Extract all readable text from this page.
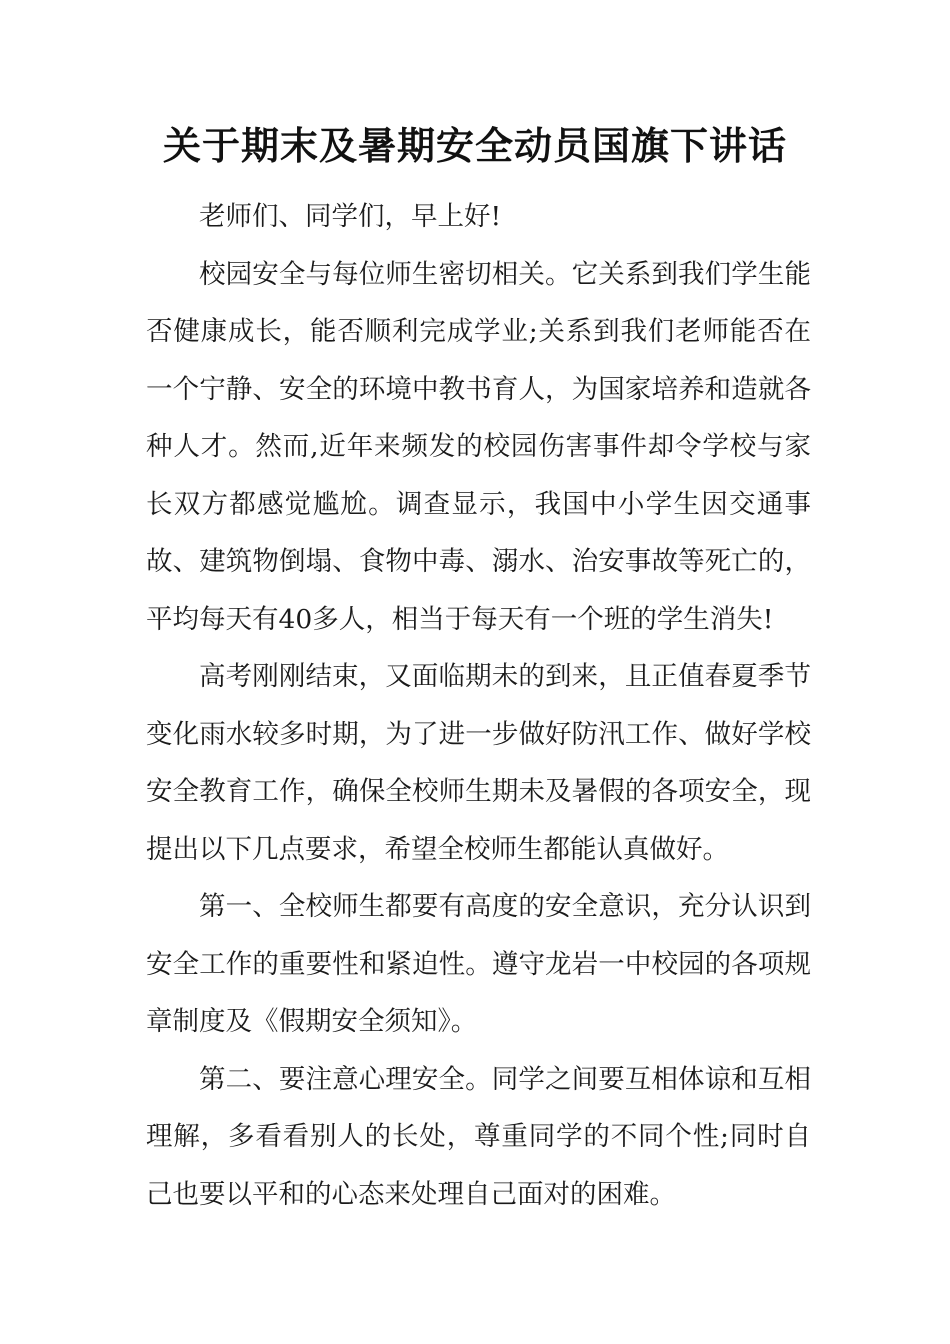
关于期末及暑期安全动员国旗下讲话

老师们、同学们，早上好!

校园安全与每位师生密切相关。它关系到我们学生能否健康成长，能否顺利完成学业;关系到我们老师能否在一个宁静、安全的环境中教书育人，为国家培养和造就各种人才。然而,近年来频发的校园伤害事件却令学校与家长双方都感觉尴尬。调查显示，我国中小学生因交通事故、建筑物倒塌、食物中毒、溺水、治安事故等死亡的，平均每天有40多人，相当于每天有一个班的学生消失!

高考刚刚结束，又面临期未的到来，且正值春夏季节变化雨水较多时期，为了进一步做好防汛工作、做好学校安全教育工作，确保全校师生期未及暑假的各项安全，现提出以下几点要求，希望全校师生都能认真做好。

第一、全校师生都要有高度的安全意识，充分认识到安全工作的重要性和紧迫性。遵守龙岩一中校园的各项规章制度及《假期安全须知》。

第二、要注意心理安全。同学之间要互相体谅和互相理解，多看看别人的长处，尊重同学的不同个性;同时自己也要以平和的心态来处理自己面对的困难。
